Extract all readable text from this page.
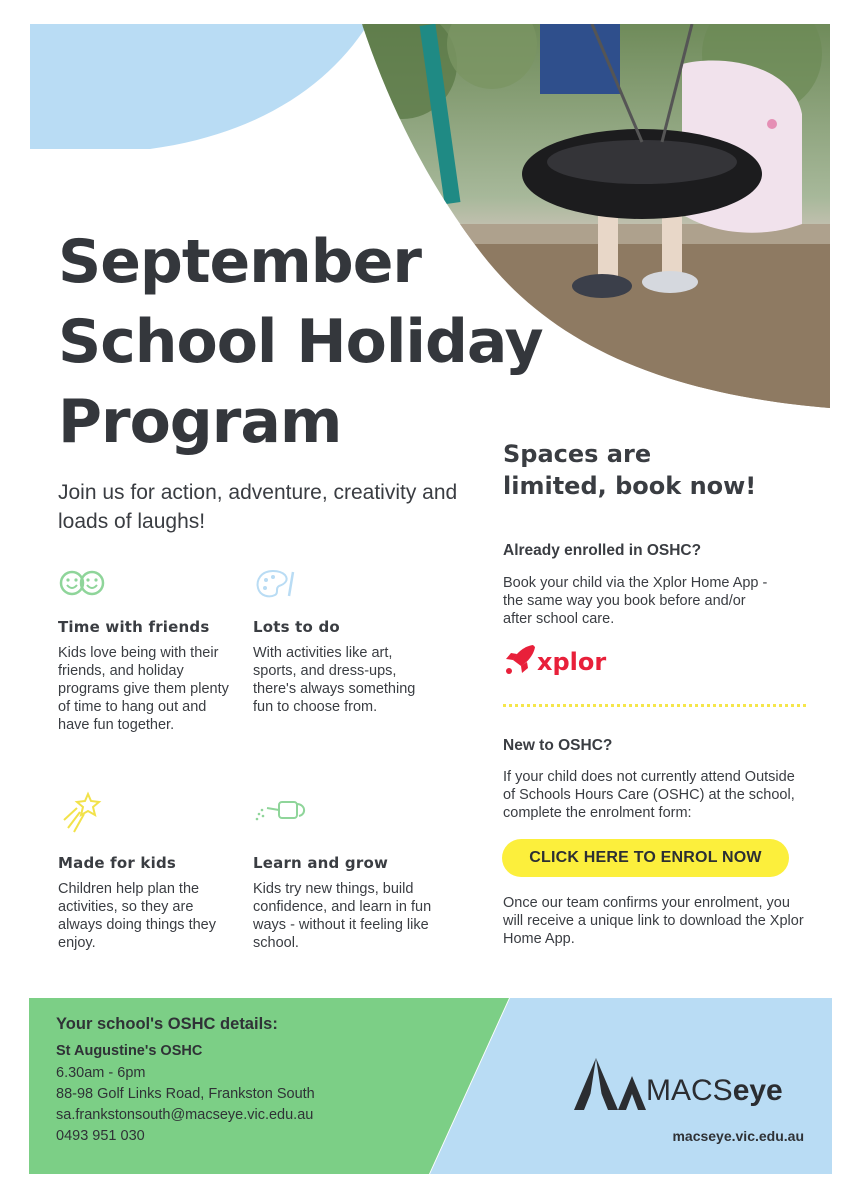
September
School Holiday
Program

Join us for action, adventure, creativity and loads of laughs!

Time with friends

Kids love being with their friends, and holiday programs give them plenty of time to hang out and have fun together.

Lots to do

With activities like art, sports, and dress-ups, there's always something fun to choose from.

Made for kids

Children help plan the activities, so they are always doing things they enjoy.

Learn and grow

Kids try new things, build confidence, and learn in fun ways - without it feeling like school.

Spaces are limited, book now!
Already enrolled in OSHC?

Book your child via the Xplor Home App - the same way you book before and/or after school care.

xplor
New to OSHC?

If your child does not currently attend Outside of Schools Hours Care (OSHC) at the school, complete the enrolment form:

CLICK HERE TO ENROL NOW

Once our team confirms your enrolment, you will receive a unique link to download the Xplor Home App.

Your school's OSHC details:
St Augustine's OSHC
6.30am - 6pm
88-98 Golf Links Road, Frankston South
sa.frankstonsouth@macseye.vic.edu.au
0493 951 030
MACSeye
macseye.vic.edu.au
